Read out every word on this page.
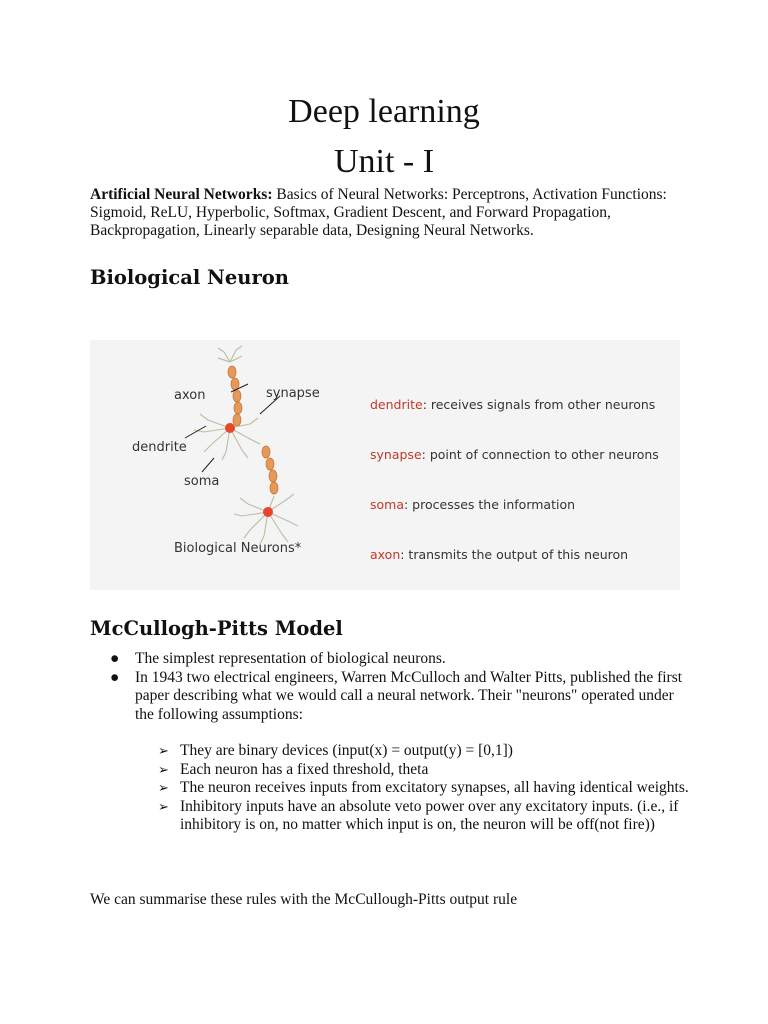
Deep learning
Unit - I
Artificial Neural Networks: Basics of Neural Networks: Perceptrons, Activation Functions: Sigmoid, ReLU, Hyperbolic, Softmax, Gradient Descent, and Forward Propagation, Backpropagation, Linearly separable data, Designing Neural Networks.
Biological Neuron
axon	synapse
dendrite
soma
Biological Neurons*
dendrite: receives signals from other neurons
synapse: point of connection to other neurons
soma: processes the information
axon: transmits the output of this neuron
McCullogh-Pitts Model
● The simplest representation of biological neurons.
● In 1943 two electrical engineers, Warren McCulloch and Walter Pitts, published the first paper describing what we would call a neural network. Their "neurons" operated under the following assumptions:
➢ They are binary devices (input(x) = output(y) = [0,1])
➢ Each neuron has a fixed threshold, theta
➢ The neuron receives inputs from excitatory synapses, all having identical weights.
➢ Inhibitory inputs have an absolute veto power over any excitatory inputs. (i.e., if inhibitory is on, no matter which input is on, the neuron will be off(not fire))
We can summarise these rules with the McCullough-Pitts output rule
